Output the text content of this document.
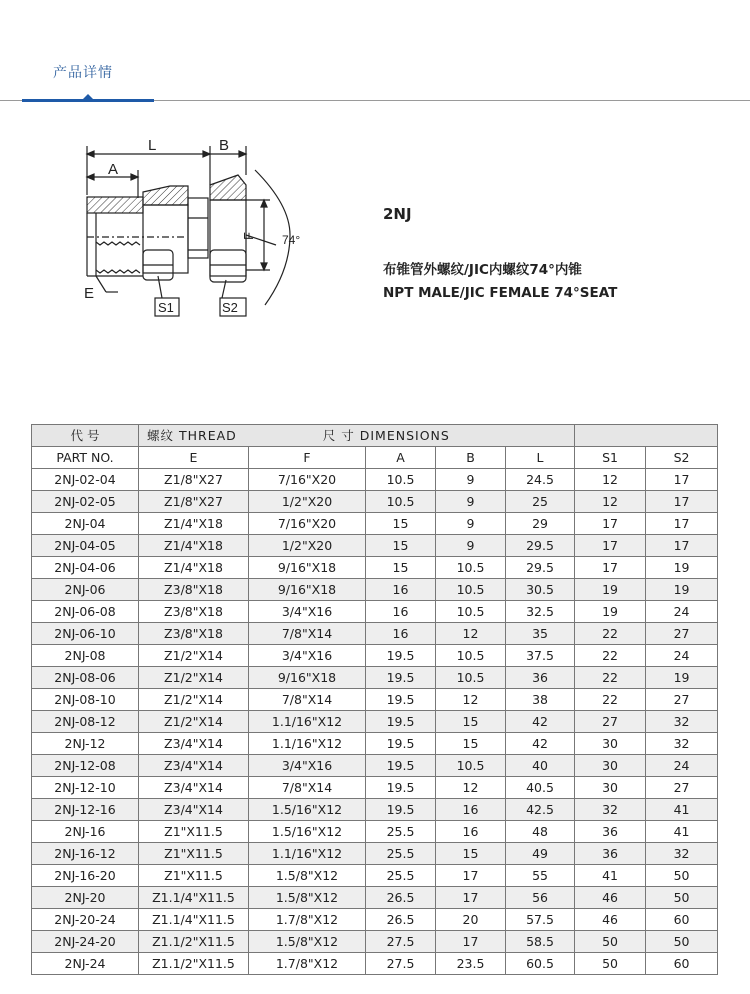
产品详情
L	B
A
F
E
S1	S2
74°
2NJ
布锥管外螺纹/JIC内螺纹74°内锥
NPT MALE/JIC FEMALE 74°SEAT
代 号	螺纹 THREAD 尺 寸 DIMENSIONS						
PART NO.	E	F	A	B	L	S1	S2
2NJ-02-04	Z1/8"X27	7/16"X20	10.5	9	24.5	12	17
2NJ-02-05	Z1/8"X27	1/2"X20	10.5	9	25	12	17
2NJ-04	Z1/4"X18	7/16"X20	15	9	29	17	17
2NJ-04-05	Z1/4"X18	1/2"X20	15	9	29.5	17	17
2NJ-04-06	Z1/4"X18	9/16"X18	15	10.5	29.5	17	19
2NJ-06	Z3/8"X18	9/16"X18	16	10.5	30.5	19	19
2NJ-06-08	Z3/8"X18	3/4"X16	16	10.5	32.5	19	24
2NJ-06-10	Z3/8"X18	7/8"X14	16	12	35	22	27
2NJ-08	Z1/2"X14	3/4"X16	19.5	10.5	37.5	22	24
2NJ-08-06	Z1/2"X14	9/16"X18	19.5	10.5	36	22	19
2NJ-08-10	Z1/2"X14	7/8"X14	19.5	12	38	22	27
2NJ-08-12	Z1/2"X14	1.1/16"X12	19.5	15	42	27	32
2NJ-12	Z3/4"X14	1.1/16"X12	19.5	15	42	30	32
2NJ-12-08	Z3/4"X14	3/4"X16	19.5	10.5	40	30	24
2NJ-12-10	Z3/4"X14	7/8"X14	19.5	12	40.5	30	27
2NJ-12-16	Z3/4"X14	1.5/16"X12	19.5	16	42.5	32	41
2NJ-16	Z1"X11.5	1.5/16"X12	25.5	16	48	36	41
2NJ-16-12	Z1"X11.5	1.1/16"X12	25.5	15	49	36	32
2NJ-16-20	Z1"X11.5	1.5/8"X12	25.5	17	55	41	50
2NJ-20	Z1.1/4"X11.5	1.5/8"X12	26.5	17	56	46	50
2NJ-20-24	Z1.1/4"X11.5	1.7/8"X12	26.5	20	57.5	46	60
2NJ-24-20	Z1.1/2"X11.5	1.5/8"X12	27.5	17	58.5	50	50
2NJ-24	Z1.1/2"X11.5	1.7/8"X12	27.5	23.5	60.5	50	60
